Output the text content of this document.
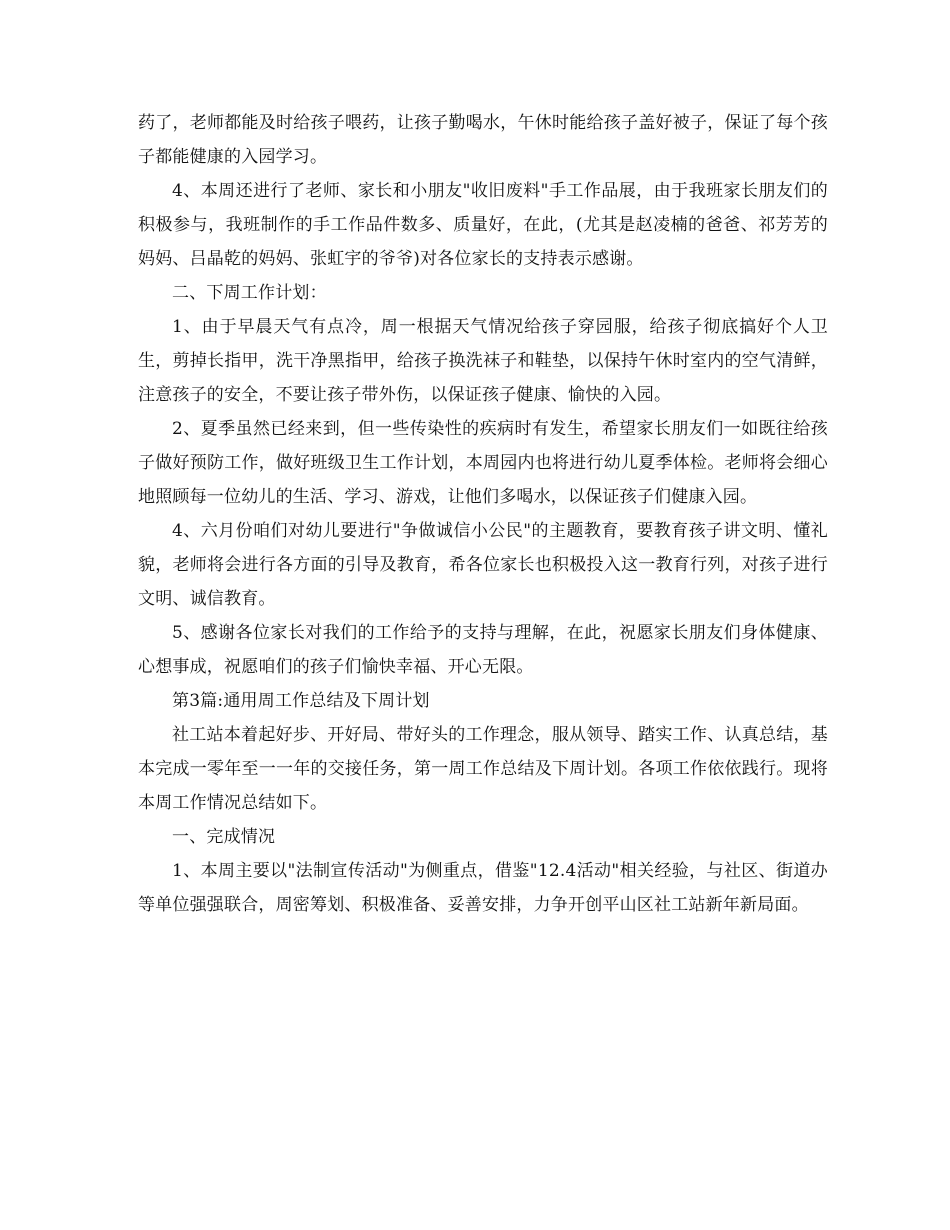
药了，老师都能及时给孩子喂药，让孩子勤喝水，午休时能给孩子盖好被子，保证了每个孩子都能健康的入园学习。

4、本周还进行了老师、家长和小朋友"收旧废料"手工作品展，由于我班家长朋友们的积极参与，我班制作的手工作品件数多、质量好，在此，(尤其是赵凌楠的爸爸、祁芳芳的妈妈、吕晶乾的妈妈、张虹宇的爷爷)对各位家长的支持表示感谢。

二、下周工作计划：

1、由于早晨天气有点冷，周一根据天气情况给孩子穿园服，给孩子彻底搞好个人卫生，剪掉长指甲，洗干净黑指甲，给孩子换洗袜子和鞋垫，以保持午休时室内的空气清鲜，注意孩子的安全，不要让孩子带外伤，以保证孩子健康、愉快的入园。

2、夏季虽然已经来到，但一些传染性的疾病时有发生，希望家长朋友们一如既往给孩子做好预防工作，做好班级卫生工作计划，本周园内也将进行幼儿夏季体检。老师将会细心地照顾每一位幼儿的生活、学习、游戏，让他们多喝水，以保证孩子们健康入园。

4、六月份咱们对幼儿要进行"争做诚信小公民"的主题教育，要教育孩子讲文明、懂礼貌，老师将会进行各方面的引导及教育，希各位家长也积极投入这一教育行列，对孩子进行文明、诚信教育。

5、感谢各位家长对我们的工作给予的支持与理解，在此，祝愿家长朋友们身体健康、心想事成，祝愿咱们的孩子们愉快幸福、开心无限。

第3篇:通用周工作总结及下周计划

社工站本着起好步、开好局、带好头的工作理念，服从领导、踏实工作、认真总结，基本完成一零年至一一年的交接任务，第一周工作总结及下周计划。各项工作依依践行。现将本周工作情况总结如下。

一、完成情况

1、本周主要以"法制宣传活动"为侧重点，借鉴"12.4活动"相关经验，与社区、街道办等单位强强联合，周密筹划、积极准备、妥善安排，力争开创平山区社工站新年新局面。
